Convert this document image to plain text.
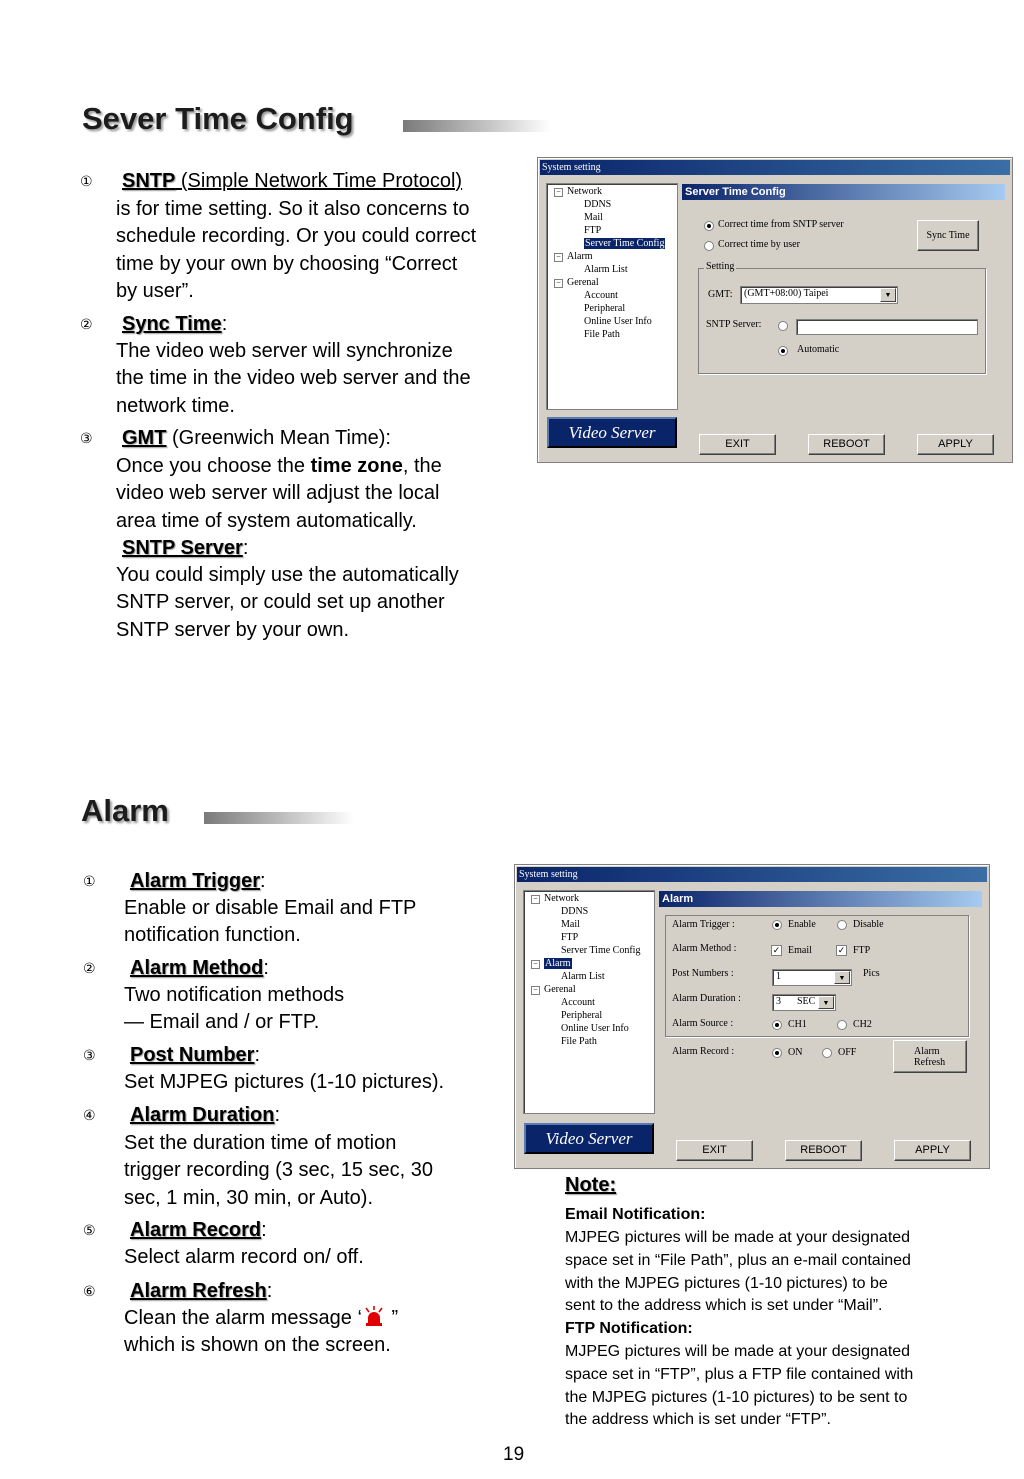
Sever Time Config
①	SNTP (Simple Network Time Protocol)
is for time setting. So it also concerns to
schedule recording. Or you could correct
time by your own by choosing “Correct
by user”.
②	Sync Time:
The video web server will synchronize
the time in the video web server and the
network time.
③	GMT (Greenwich Mean Time):
Once you choose the time zone, the
video web server will adjust the local
area time of system automatically.
SNTP Server:
You could simply use the automatically
SNTP server, or could set up another
SNTP server by your own.
System setting
− Network
DDNS
Mail
FTP
Server Time Config
− Alarm
Alarm List
− Gerenal
Account
Peripheral
Online User Info
File Path
Server Time Config
Correct time from SNTP server
Correct time by user
Sync Time
Setting
GMT: (GMT+08:00) Taipei	▼
SNTP Server:
Automatic
Video Server
EXIT	REBOOT	APPLY
Alarm
①	Alarm Trigger:
Enable or disable Email and FTP
notification function.
②	Alarm Method:
Two notification methods
— Email and / or FTP.
③	Post Number:
Set MJPEG pictures (1-10 pictures).
④	Alarm Duration:
Set the duration time of motion
trigger recording (3 sec, 15 sec, 30
sec, 1 min, 30 min, or Auto).
⑤	Alarm Record:
Select alarm record on/ off.
⑥	Alarm Refresh:
Clean the alarm message ‘ ”
which is shown on the screen.
System setting
− Network
DDNS
Mail
FTP
Server Time Config
− Alarm
Alarm List
− Gerenal
Account
Peripheral
Online User Info
File Path
Alarm
Alarm Trigger :	Enable	Disable
Alarm Method :	✓ Email	✓ FTP
Post Numbers :	1	▼	Pics
Alarm Duration :	3 SEC	▼
Alarm Source :	CH1	CH2
Alarm Record :	ON	OFF	Alarm
Refresh
Video Server
EXIT	REBOOT	APPLY
Note:
Email Notification:
MJPEG pictures will be made at your designated
space set in “File Path”, plus an e-mail contained
with the MJPEG pictures (1-10 pictures) to be
sent to the address which is set under “Mail”.
FTP Notification:
MJPEG pictures will be made at your designated
space set in “FTP”, plus a FTP file contained with
the MJPEG pictures (1-10 pictures) to be sent to
the address which is set under “FTP”.
19
